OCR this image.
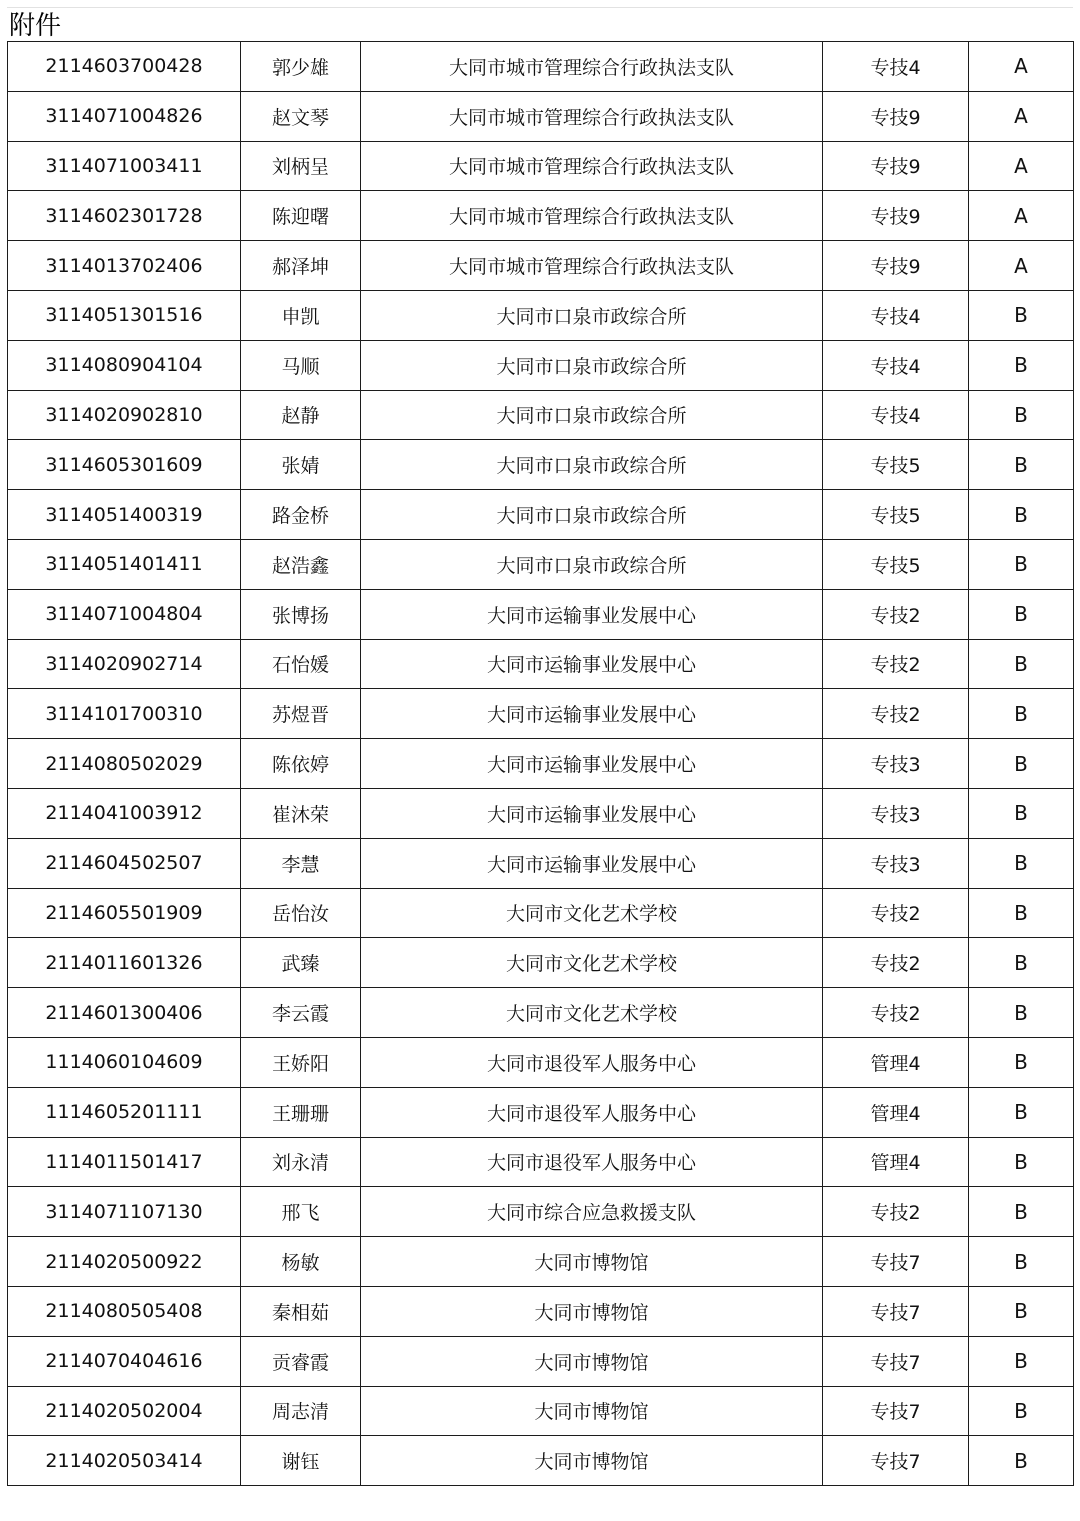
附件
2114603700428	郭少雄	大同市城市管理综合行政执法支队	专技4	A
3114071004826	赵文琴	大同市城市管理综合行政执法支队	专技9	A
3114071003411	刘柄呈	大同市城市管理综合行政执法支队	专技9	A
3114602301728	陈迎曙	大同市城市管理综合行政执法支队	专技9	A
3114013702406	郝泽坤	大同市城市管理综合行政执法支队	专技9	A
3114051301516	申凯	大同市口泉市政综合所	专技4	B
3114080904104	马顺	大同市口泉市政综合所	专技4	B
3114020902810	赵静	大同市口泉市政综合所	专技4	B
3114605301609	张婧	大同市口泉市政综合所	专技5	B
3114051400319	路金桥	大同市口泉市政综合所	专技5	B
3114051401411	赵浩鑫	大同市口泉市政综合所	专技5	B
3114071004804	张博扬	大同市运输事业发展中心	专技2	B
3114020902714	石怡媛	大同市运输事业发展中心	专技2	B
3114101700310	苏煜晋	大同市运输事业发展中心	专技2	B
2114080502029	陈依婷	大同市运输事业发展中心	专技3	B
2114041003912	崔沐荣	大同市运输事业发展中心	专技3	B
2114604502507	李慧	大同市运输事业发展中心	专技3	B
2114605501909	岳怡汝	大同市文化艺术学校	专技2	B
2114011601326	武臻	大同市文化艺术学校	专技2	B
2114601300406	李云霞	大同市文化艺术学校	专技2	B
1114060104609	王娇阳	大同市退役军人服务中心	管理4	B
1114605201111	王珊珊	大同市退役军人服务中心	管理4	B
1114011501417	刘永清	大同市退役军人服务中心	管理4	B
3114071107130	邢飞	大同市综合应急救援支队	专技2	B
2114020500922	杨敏	大同市博物馆	专技7	B
2114080505408	秦相茹	大同市博物馆	专技7	B
2114070404616	贡睿霞	大同市博物馆	专技7	B
2114020502004	周志清	大同市博物馆	专技7	B
2114020503414	谢钰	大同市博物馆	专技7	B
